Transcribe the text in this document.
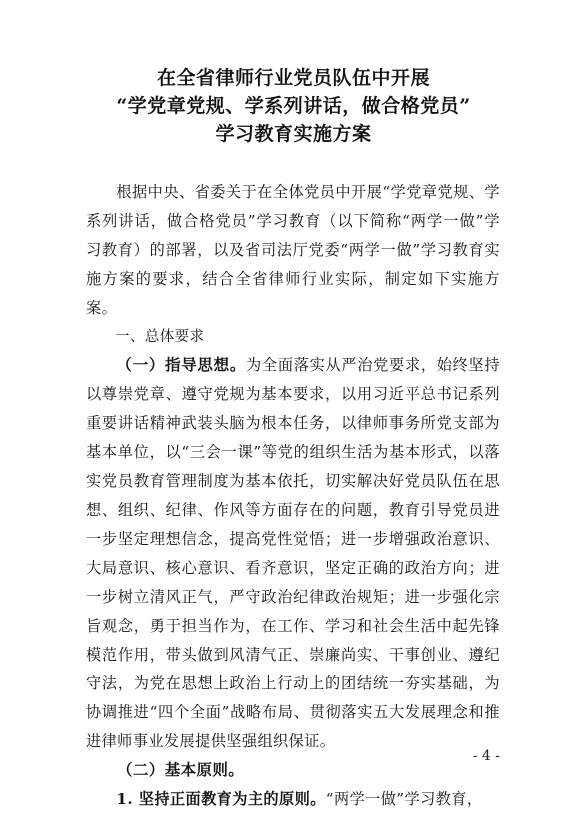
在全省律师行业党员队伍中开展
“学党章党规、学系列讲话，做合格党员”
学习教育实施方案

根据中央、省委关于在全体党员中开展“学党章党规、学系列讲话，做合格党员”学习教育（以下简称“两学一做”学习教育）的部署，以及省司法厅党委“两学一做”学习教育实施方案的要求，结合全省律师行业实际，制定如下实施方案。

一、总体要求

（一）指导思想。为全面落实从严治党要求，始终坚持以尊崇党章、遵守党规为基本要求，以用习近平总书记系列重要讲话精神武装头脑为根本任务，以律师事务所党支部为基本单位，以“三会一课”等党的组织生活为基本形式，以落实党员教育管理制度为基本依托，切实解决好党员队伍在思想、组织、纪律、作风等方面存在的问题，教育引导党员进一步坚定理想信念，提高党性觉悟；进一步增强政治意识、大局意识、核心意识、看齐意识，坚定正确的政治方向；进一步树立清风正气，严守政治纪律政治规矩；进一步强化宗旨观念，勇于担当作为，在工作、学习和社会生活中起先锋模范作用，带头做到风清气正、崇廉尚实、干事创业、遵纪守法，为党在思想上政治上行动上的团结统一夯实基础，为协调推进“四个全面”战略布局、贯彻落实五大发展理念和推进律师事业发展提供坚强组织保证。

（二）基本原则。

1. 坚持正面教育为主的原则。“两学一做”学习教育，

- 4 -
